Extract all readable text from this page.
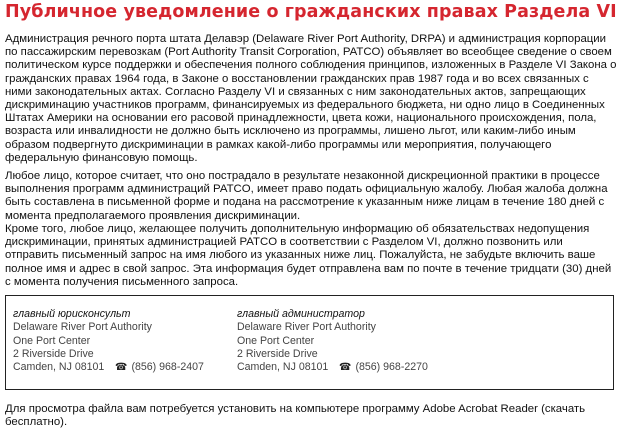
Публичное уведомление о гражданских правах Раздела VI

Администрация речного порта штата Делавэр (Delaware River Port Authority, DRPA) и администрация корпорации по пассажирским перевозкам (Port Authority Transit Corporation, PATCO) объявляет во всеобщее сведение о своем политическом курсе поддержки и обеспечения полного соблюдения принципов, изложенных в Разделе VI Закона о гражданских правах 1964 года, в Законе о восстановлении гражданских прав 1987 года и во всех связанных с ними законодательных актах. Согласно Разделу VI и связанных с ним законодательных актов, запрещающих дискриминацию участников программ, финансируемых из федерального бюджета, ни одно лицо в Соединенных Штатах Америки на основании его расовой принадлежности, цвета кожи, национального происхождения, пола, возраста или инвалидности не должно быть исключено из программы, лишено льгот, или каким-либо иным образом подвергнуто дискриминации в рамках какой-либо программы или мероприятия, получающего федеральную финансовую помощь.

Любое лицо, которое считает, что оно пострадало в результате незаконной дискреционной практики в процессе выполнения программ администраций PATCO, имеет право подать официальную жалобу. Любая жалоба должна быть составлена в письменной форме и подана на рассмотрение к указанным ниже лицам в течение 180 дней с момента предполагаемого проявления дискриминации.

Кроме того, любое лицо, желающее получить дополнительную информацию об обязательствах недопущения дискриминации, принятых администрацией PATCO в соответствии с Разделом VI, должно позвонить или отправить письменный запрос на имя любого из указанных ниже лиц. Пожалуйста, не забудьте включить ваше полное имя и адрес в свой запрос. Эта информация будет отправлена вам по почте в течение тридцати (30) дней с момента получения письменного запроса.

главный юрисконсульт
Delaware River Port Authority
One Port Center
2 Riverside Drive
Camden, NJ 08101 ☎ (856) 968-2407
главный администратор
Delaware River Port Authority
One Port Center
2 Riverside Drive
Camden, NJ 08101 ☎ (856) 968-2270

Для просмотра файла вам потребуется установить на компьютере программу Adobe Acrobat Reader (скачать бесплатно).
